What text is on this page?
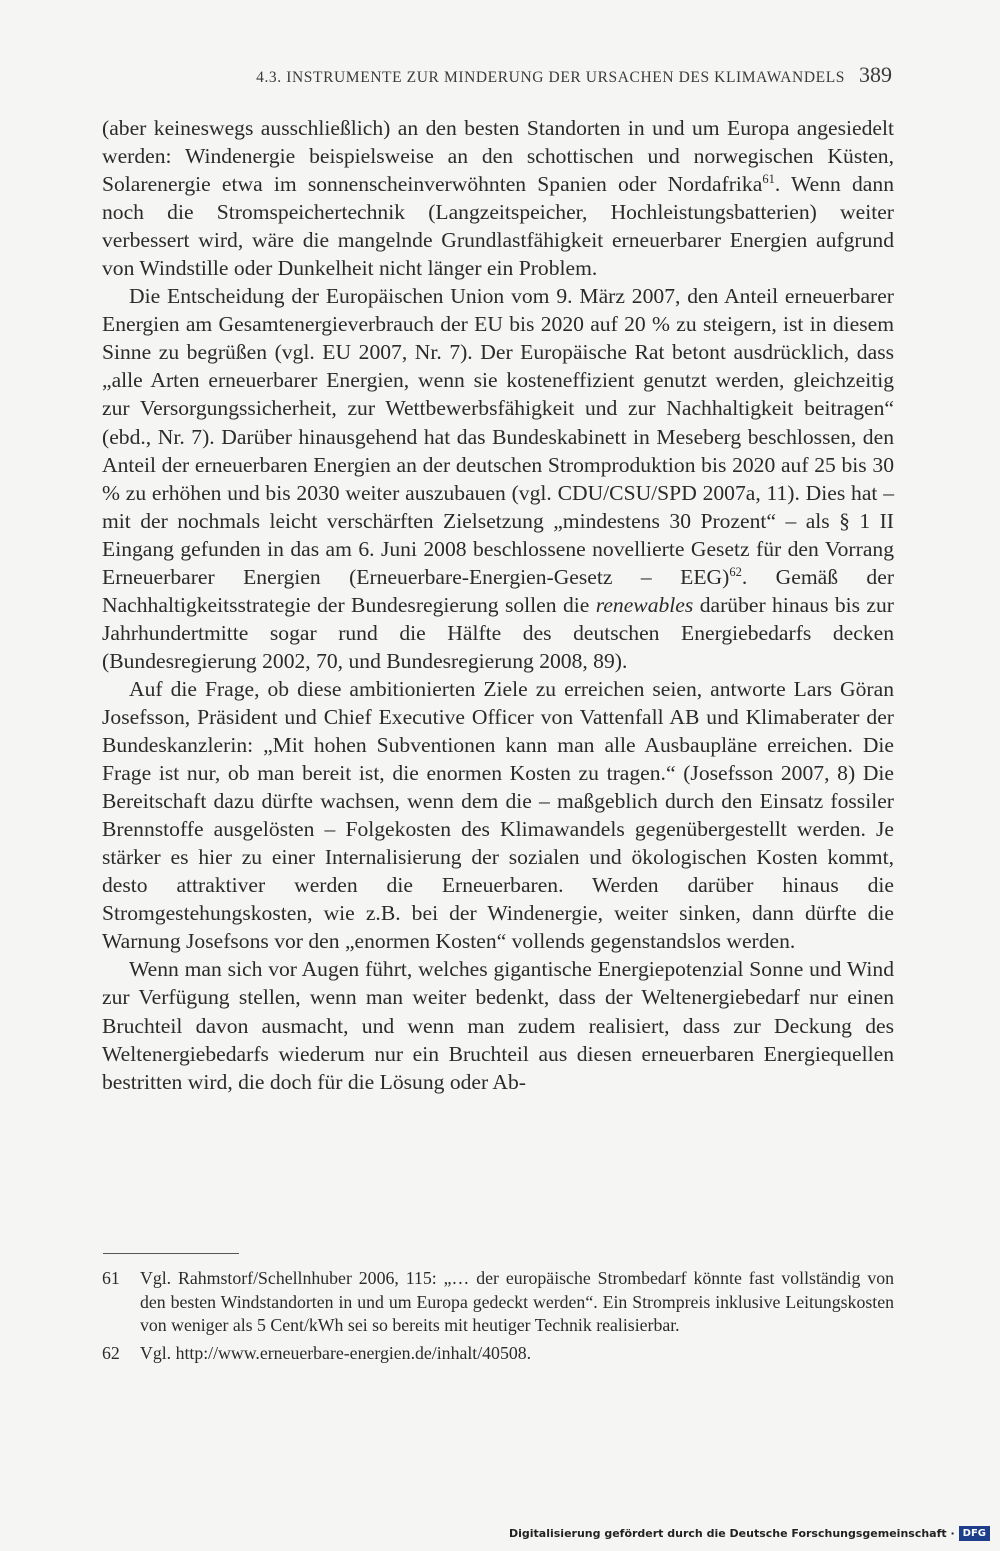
4.3. INSTRUMENTE ZUR MINDERUNG DER URSACHEN DES KLIMAWANDELS 389

(aber keineswegs ausschließlich) an den besten Standorten in und um Europa angesiedelt werden: Windenergie beispielsweise an den schottischen und norwegischen Küsten, Solarenergie etwa im sonnenscheinverwöhnten Spanien oder Nordafrika$^{61}$. Wenn dann noch die Stromspeichertechnik (Langzeitspeicher, Hochleistungsbatterien) weiter verbessert wird, wäre die mangelnde Grundlastfähigkeit erneuerbarer Energien aufgrund von Windstille oder Dunkelheit nicht länger ein Problem.

Die Entscheidung der Europäischen Union vom 9. März 2007, den Anteil erneuerbarer Energien am Gesamtenergieverbrauch der EU bis 2020 auf 20 % zu steigern, ist in diesem Sinne zu begrüßen (vgl. EU 2007, Nr. 7). Der Europäische Rat betont ausdrücklich, dass „alle Arten erneuerbarer Energien, wenn sie kosteneffizient genutzt werden, gleichzeitig zur Versorgungssicherheit, zur Wettbewerbsfähigkeit und zur Nachhaltigkeit beitragen“ (ebd., Nr. 7). Darüber hinausgehend hat das Bundeskabinett in Meseberg beschlossen, den Anteil der erneuerbaren Energien an der deutschen Stromproduktion bis 2020 auf 25 bis 30 % zu erhöhen und bis 2030 weiter auszubauen (vgl. CDU/CSU/SPD 2007a, 11). Dies hat – mit der nochmals leicht verschärften Zielsetzung „mindestens 30 Prozent“ – als § 1 II Eingang gefunden in das am 6. Juni 2008 beschlossene novellierte Gesetz für den Vorrang Erneuerbarer Energien (Erneuerbare-Energien-Gesetz – EEG)$^{62}$. Gemäß der Nachhaltigkeitsstrategie der Bundesregierung sollen die renewables darüber hinaus bis zur Jahrhundertmitte sogar rund die Hälfte des deutschen Energiebedarfs decken (Bundesregierung 2002, 70, und Bundesregierung 2008, 89).

Auf die Frage, ob diese ambitionierten Ziele zu erreichen seien, antworte Lars Göran Josefsson, Präsident und Chief Executive Officer von Vattenfall AB und Klimaberater der Bundeskanzlerin: „Mit hohen Subventionen kann man alle Ausbaupläne erreichen. Die Frage ist nur, ob man bereit ist, die enormen Kosten zu tragen.“ (Josefsson 2007, 8) Die Bereitschaft dazu dürfte wachsen, wenn dem die – maßgeblich durch den Einsatz fossiler Brennstoffe ausgelösten – Folgekosten des Klimawandels gegenübergestellt werden. Je stärker es hier zu einer Internalisierung der sozialen und ökologischen Kosten kommt, desto attraktiver werden die Erneuerbaren. Werden darüber hinaus die Stromgestehungskosten, wie z.B. bei der Windenergie, weiter sinken, dann dürfte die Warnung Josefsons vor den „enormen Kosten“ vollends gegenstandslos werden.

Wenn man sich vor Augen führt, welches gigantische Energiepotenzial Sonne und Wind zur Verfügung stellen, wenn man weiter bedenkt, dass der Weltenergiebedarf nur einen Bruchteil davon ausmacht, und wenn man zudem realisiert, dass zur Deckung des Weltenergiebedarfs wiederum nur ein Bruchteil aus diesen erneuerbaren Energiequellen bestritten wird, die doch für die Lösung oder Ab-

61	Vgl. Rahmstorf/Schellnhuber 2006, 115: „… der europäische Strombedarf könnte fast vollständig von den besten Windstandorten in und um Europa gedeckt werden“. Ein Strompreis inklusive Leitungskosten von weniger als 5 Cent/kWh sei so bereits mit heutiger Technik realisierbar.
62	Vgl. http://www.erneuerbare-energien.de/inhalt/40508.
Digitalisierung gefördert durch die Deutsche Forschungsgemeinschaft · DFG
